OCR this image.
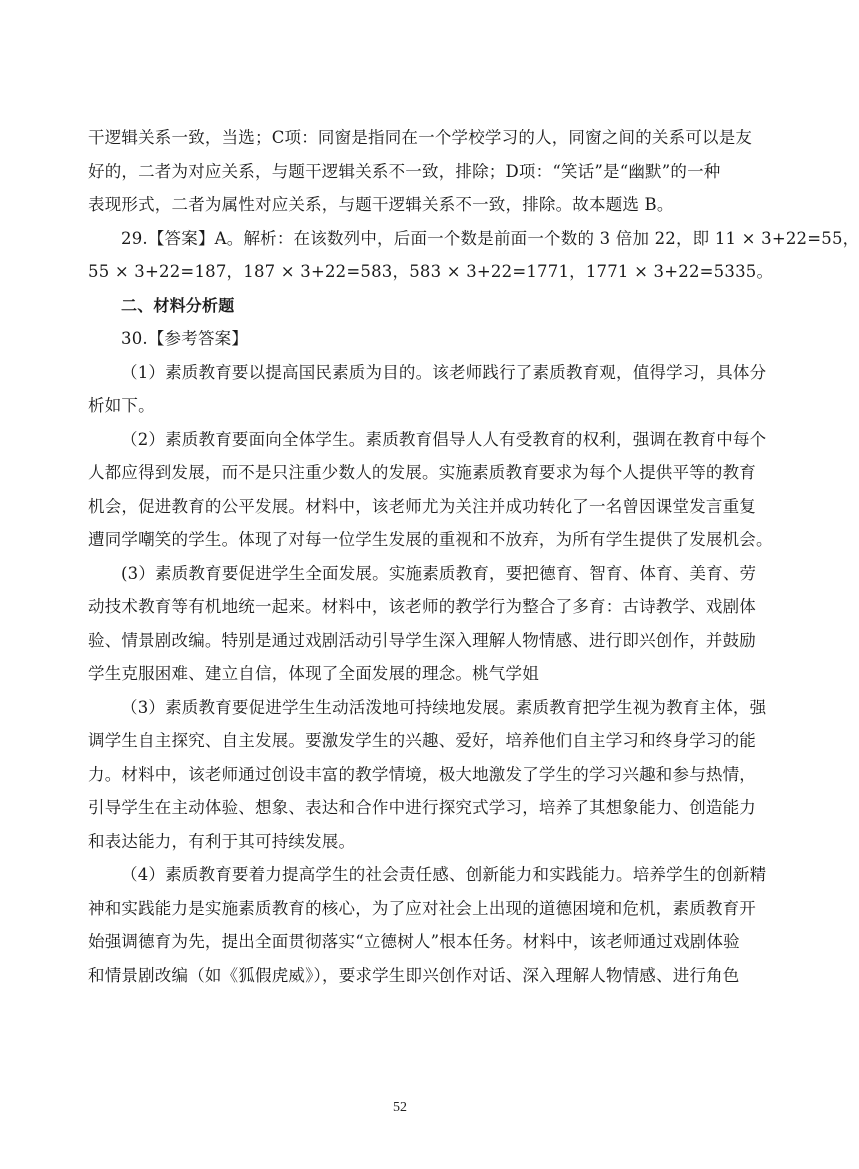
干逻辑关系一致，当选；C项：同窗是指同在一个学校学习的人，同窗之间的关系可以是友
好的，二者为对应关系，与题干逻辑关系不一致，排除；D项：“笑话”是“幽默”的一种
表现形式，二者为属性对应关系，与题干逻辑关系不一致，排除。故本题选 B。
29.【答案】A。解析：在该数列中，后面一个数是前面一个数的 3 倍加 22，即 11 × 3+22=55，
55 × 3+22=187，187 × 3+22=583，583 × 3+22=1771，1771 × 3+22=5335。
二、材料分析题
30.【参考答案】
（1）素质教育要以提高国民素质为目的。该老师践行了素质教育观，值得学习，具体分
析如下。
（2）素质教育要面向全体学生。素质教育倡导人人有受教育的权利，强调在教育中每个
人都应得到发展，而不是只注重少数人的发展。实施素质教育要求为每个人提供平等的教育
机会，促进教育的公平发展。材料中，该老师尤为关注并成功转化了一名曾因课堂发言重复
遭同学嘲笑的学生。体现了对每一位学生发展的重视和不放弃，为所有学生提供了发展机会。
(3）素质教育要促进学生全面发展。实施素质教育，要把德育、智育、体育、美育、劳
动技术教育等有机地统一起来。材料中，该老师的教学行为整合了多育：古诗教学、戏剧体
验、情景剧改编。特别是通过戏剧活动引导学生深入理解人物情感、进行即兴创作，并鼓励
学生克服困难、建立自信，体现了全面发展的理念。桃气学姐
（3）素质教育要促进学生生动活泼地可持续地发展。素质教育把学生视为教育主体，强
调学生自主探究、自主发展。要激发学生的兴趣、爱好，培养他们自主学习和终身学习的能
力。材料中，该老师通过创设丰富的教学情境，极大地激发了学生的学习兴趣和参与热情，
引导学生在主动体验、想象、表达和合作中进行探究式学习，培养了其想象能力、创造能力
和表达能力，有利于其可持续发展。
（4）素质教育要着力提高学生的社会责任感、创新能力和实践能力。培养学生的创新精
神和实践能力是实施素质教育的核心，为了应对社会上出现的道德困境和危机，素质教育开
始强调德育为先，提出全面贯彻落实“立德树人”根本任务。材料中，该老师通过戏剧体验
和情景剧改编（如《狐假虎威》），要求学生即兴创作对话、深入理解人物情感、进行角色
52
